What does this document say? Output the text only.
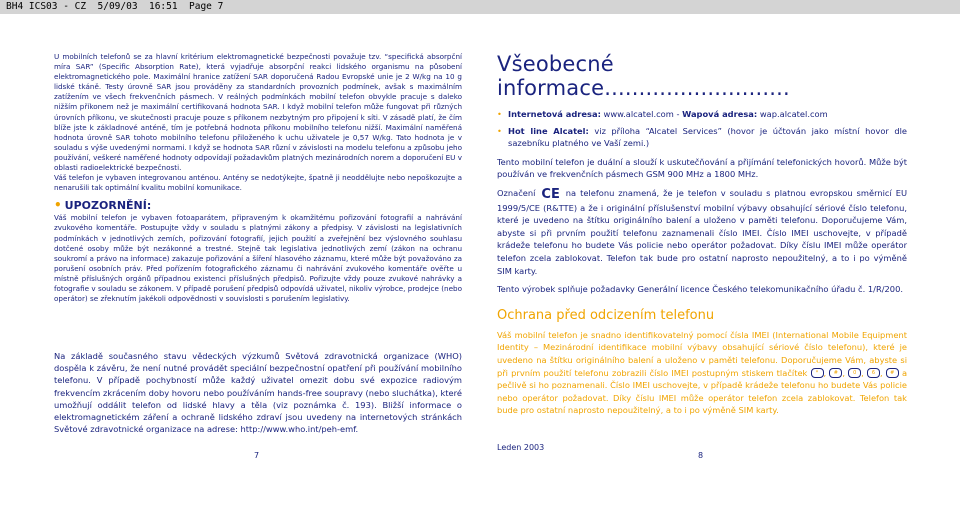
BH4 ICS03 - CZ  5/09/03  16:51  Page 7

U mobilních telefonů se za hlavní kritérium elektromagnetické bezpečnosti považuje tzv. “specifická absorpční míra SAR” (Specific Absorption Rate), která vyjadřuje absorpční reakci lidského organismu na působení elektromagnetického pole. Maximální hranice zatížení SAR doporučená Radou Evropské unie je 2 W/kg na 10 g lidské tkáně. Testy úrovně SAR jsou prováděny za standardních provozních podmínek, avšak s maximálním zatížením ve všech frekvenčních pásmech. V reálných podmínkách mobilní telefon obvykle pracuje s daleko nižším příkonem než je maximální certifikovaná hodnota SAR. I když mobilní telefon může fungovat při různých úrovních příkonu, ve skutečnosti pracuje pouze s příkonem nezbytným pro připojení k síti. V zásadě platí, že čím blíže jste k základnové anténě, tím je potřebná hodnota příkonu mobilního telefonu nižší. Maximální naměřená hodnota úrovně SAR tohoto mobilního telefonu přiloženého k uchu uživatele je 0,57 W/kg. Tato hodnota je v souladu s výše uvedenými normami. I když se hodnota SAR různí v závislosti na modelu telefonu a způsobu jeho používání, veškeré naměřené hodnoty odpovídají požadavkům platných mezinárodních norem a doporučení EU v oblasti radioelektrické bezpečnosti.

Váš telefon je vybaven integrovanou anténou. Antény se nedotýkejte, špatně ji neoddělujte nebo nepoškozujte a nenarušili tak optimální kvalitu mobilní komunikace.

• UPOZORNĚNÍ:

Váš mobilní telefon je vybaven fotoaparátem, připraveným k okamžitému pořizování fotografií a nahrávání zvukového komentáře. Postupujte vždy v souladu s platnými zákony a předpisy. V závislosti na legislativních podmínkách v jednotlivých zemích, pořizování fotografií, jejich použití a zveřejnění bez výslovného souhlasu dotčené osoby může být nezákonné a trestné. Stejně tak legislativa jednotlivých zemí (zákon na ochranu soukromí a právo na informace) zakazuje pořizování a šíření hlasového záznamu, které může být považováno za porušení osobních práv. Před pořízením fotografického záznamu či nahrávání zvukového komentáře ověřte u místně příslušných orgánů případnou existenci příslušných předpisů. Pořizujte vždy pouze zvukové nahrávky a fotografie v souladu se zákonem. V případě porušení předpisů odpovídá uživatel, nikoliv výrobce, prodejce (nebo operátor) se zřeknutím jakékoli odpovědnosti v souvislosti s porušením legislativy.

Na základě současného stavu vědeckých výzkumů Světová zdravotnická organizace (WHO) dospěla k závěru, že není nutné provádět speciální bezpečnostní opatření při používání mobilního telefonu. V případě pochybností může každý uživatel omezit dobu své expozice radiovým frekvencím zkrácením doby hovoru nebo používáním hands-free soupravy (nebo sluchátka), které umožňují oddálit telefon od lidské hlavy a těla (viz poznámka č. 193). Bližší informace o elektromagnetickém záření a ochraně lidského zdraví jsou uvedeny na internetových stránkách Světové zdravotnické organizace na adrese: http://www.who.int/peh-emf.

Všeobecné informace...........................

• Internetová adresa: www.alcatel.com - Wapová adresa: wap.alcatel.com

• Hot line Alcatel: viz příloha “Alcatel Services” (hovor je účtován jako místní hovor dle sazebníku platného ve Vaší zemi.)

Tento mobilní telefon je duální a slouží k uskutečňování a přijímání telefonických hovorů. Může být používán ve frekvenčních pásmech GSM 900 MHz a 1800 MHz.

Označení CE na telefonu znamená, že je telefon v souladu s platnou evropskou směrnicí EU 1999/5/CE (R&TTE) a že i originální příslušenství mobilní výbavy obsahující sériové číslo telefonu, které je uvedeno na štítku originálního balení a uloženo v paměti telefonu. Doporučujeme Vám, abyste si při prvním použití telefonu zaznamenali číslo IMEI. Číslo IMEI uschovejte, v případě krádeže telefonu ho budete Vás policie nebo operátor požadovat. Díky číslu IMEI může operátor telefon zcela zablokovat. Telefon tak bude pro ostatní naprosto nepoužitelný, a to i po výměně SIM karty.

Tento výrobek splňuje požadavky Generální licence Českého telekomunikačního úřadu č. 1/R/200.

Ochrana před odcizením telefonu

Váš mobilní telefon je snadno identifikovatelný pomocí čísla IMEI (International Mobile Equipment Identity – Mezinárodní identifikace mobilní výbavy obsahující sériové číslo telefonu), které je uvedeno na štítku originálního balení a uloženo v paměti telefonu. Doporučujeme Vám, abyste si při prvním použití telefonu zobrazili číslo IMEI postupným stiskem tlačítek * , # , 0 , 6 , # a pečlivě si ho poznamenali. Číslo IMEI uschovejte, v případě krádeže telefonu ho budete Vás policie nebo operátor požadovat. Díky číslu IMEI může operátor telefon zcela zablokovat. Telefon tak bude pro ostatní naprosto nepoužitelný, a to i po výměně SIM karty.

7
Leden 2003
8
